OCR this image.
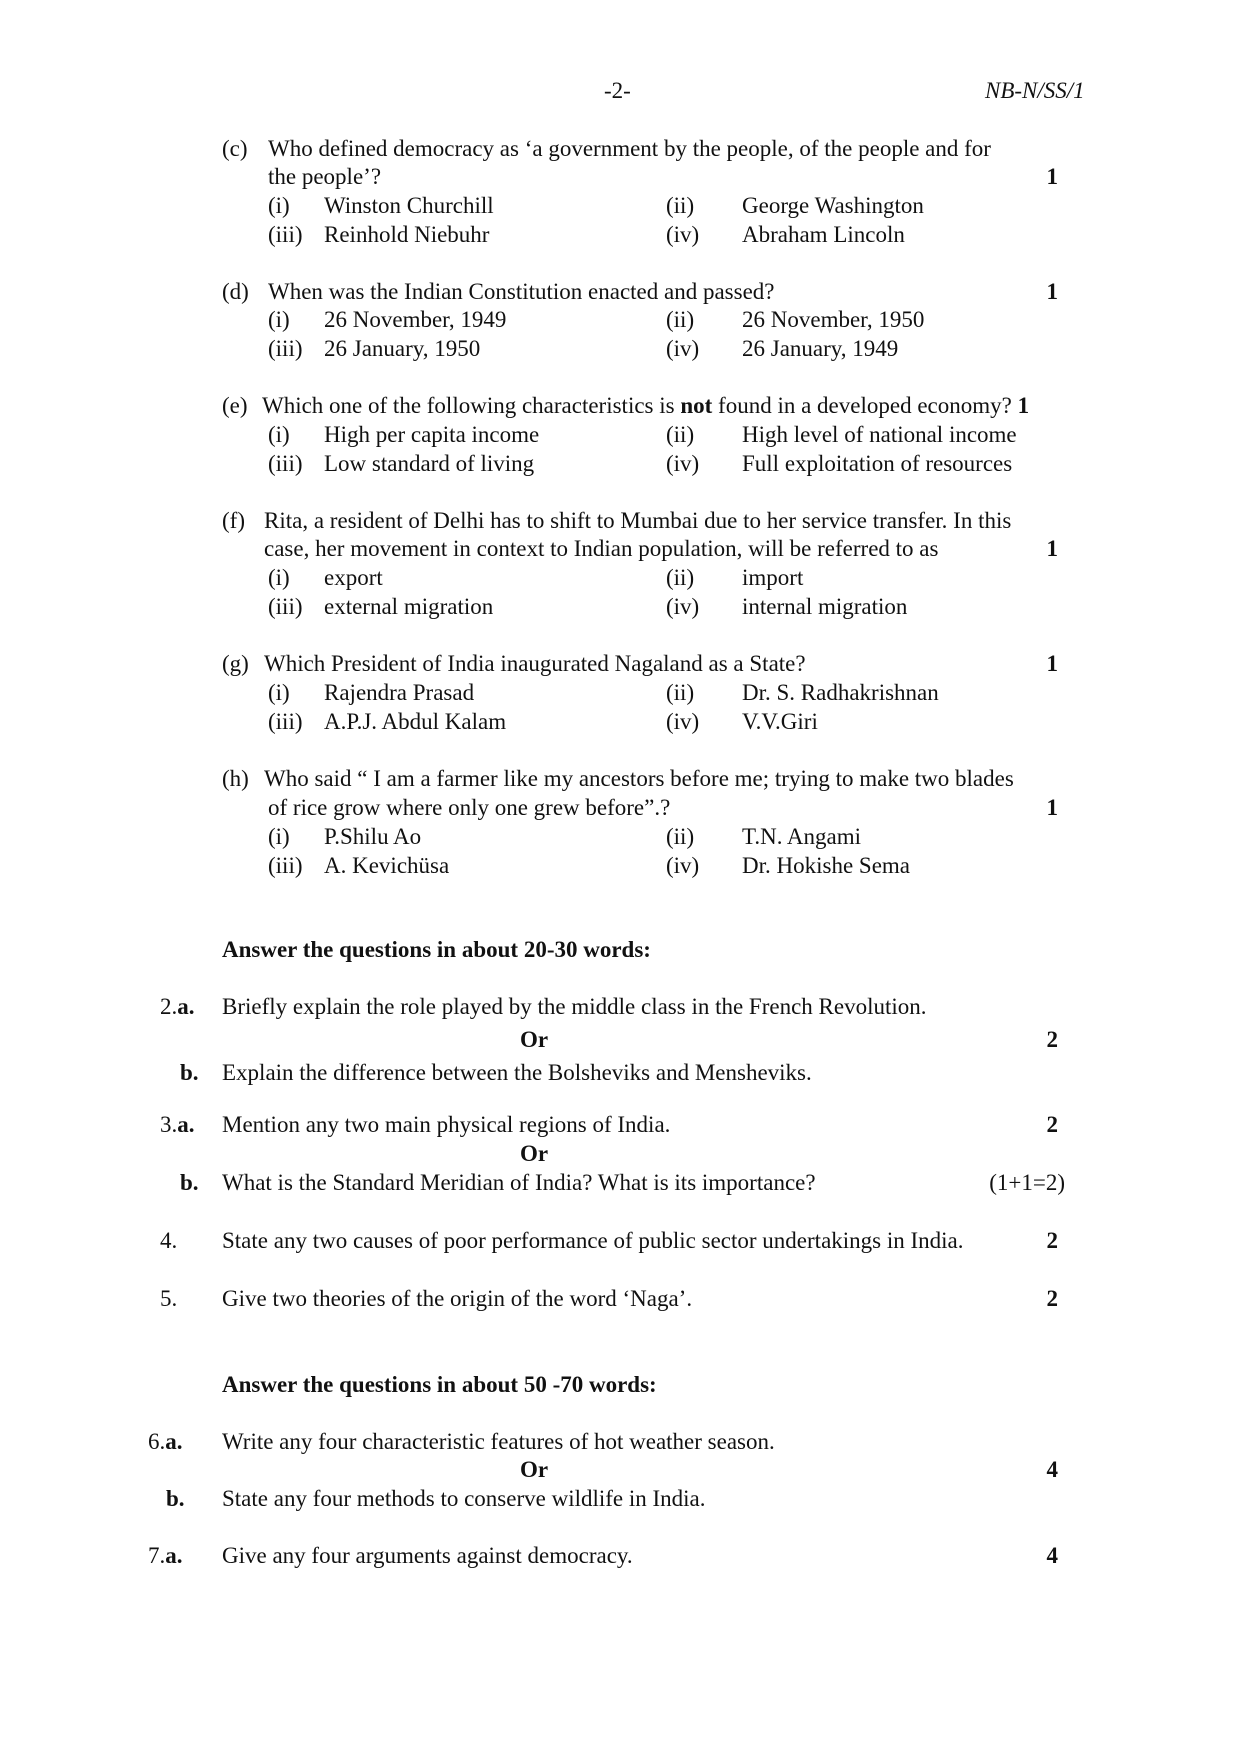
-2-	NB-N/SS/1
(c) Who defined democracy as ‘a government by the people, of the people and for
the people’?	1
(i) Winston Churchill	(ii) George Washington
(iii) Reinhold Niebuhr	(iv) Abraham Lincoln
(d) When was the Indian Constitution enacted and passed?	1
(i) 26 November, 1949	(ii) 26 November, 1950
(iii) 26 January, 1950	(iv) 26 January, 1949
(e) Which one of the following characteristics is not found in a developed economy? 1
(i) High per capita income	(ii) High level of national income
(iii) Low standard of living	(iv) Full exploitation of resources
(f) Rita, a resident of Delhi has to shift to Mumbai due to her service transfer. In this
case, her movement in context to Indian population, will be referred to as	1
(i) export	(ii) import
(iii) external migration	(iv) internal migration
(g) Which President of India inaugurated Nagaland as a State?	1
(i) Rajendra Prasad	(ii) Dr. S. Radhakrishnan
(iii) A.P.J. Abdul Kalam	(iv) V.V.Giri
(h) Who said “ I am a farmer like my ancestors before me; trying to make two blades
of rice grow where only one grew before”.?	1
(i) P.Shilu Ao	(ii) T.N. Angami
(iii) A. Kevichüsa	(iv) Dr. Hokishe Sema
Answer the questions in about 20-30 words:
2.a. Briefly explain the role played by the middle class in the French Revolution.
Or	2
b. Explain the difference between the Bolsheviks and Mensheviks.
3.a. Mention any two main physical regions of India.	2
Or
b. What is the Standard Meridian of India? What is its importance?	(1+1=2)
4. State any two causes of poor performance of public sector undertakings in India.	2
5. Give two theories of the origin of the word ‘Naga’.	2
Answer the questions in about 50 -70 words:
6.a. Write any four characteristic features of hot weather season.
Or	4
b. State any four methods to conserve wildlife in India.
7.a. Give any four arguments against democracy.	4
